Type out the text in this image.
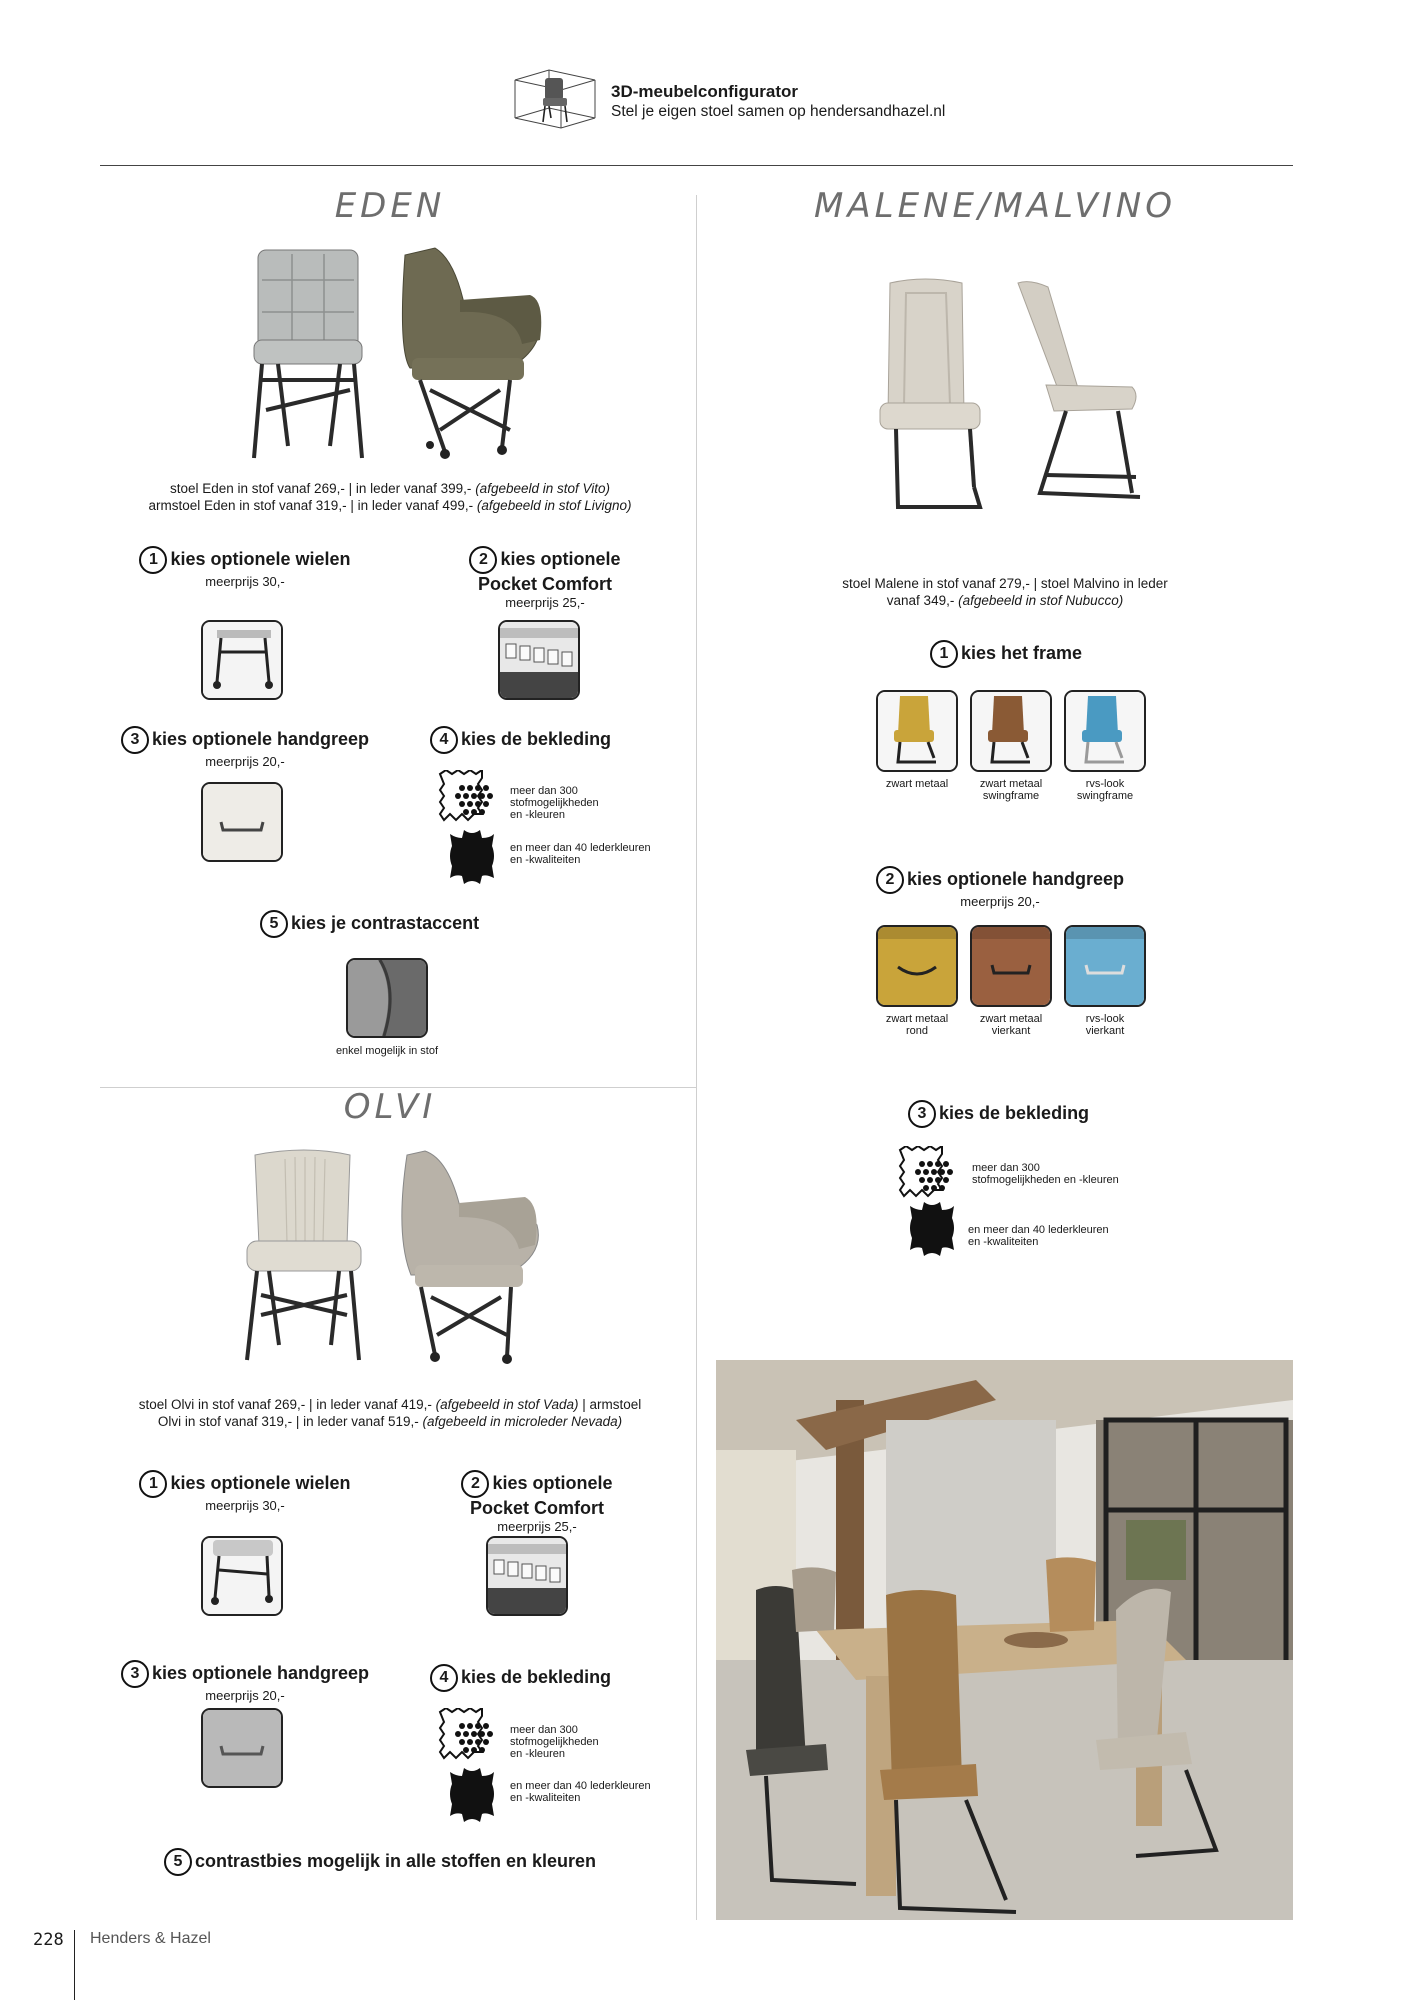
3D-meubelconfigurator
Stel je eigen stoel samen op hendersandhazel.nl
EDEN
stoel Eden in stof vanaf 269,- | in leder vanaf 399,- (afgebeeld in stof Vito)
armstoel Eden in stof vanaf 319,- | in leder vanaf 499,- (afgebeeld in stof Livigno)
1 kies optionele wielen
meerprijs 30,-
2 kies optionele
Pocket Comfort
meerprijs 25,-
3 kies optionele handgreep
meerprijs 20,-
4 kies de bekleding
meer dan 300
stofmogelijkheden
en -kleuren
en meer dan 40 lederkleuren
en -kwaliteiten
5 kies je contrastaccent
enkel mogelijk in stof
OLVI
stoel Olvi in stof vanaf 269,- | in leder vanaf 419,- (afgebeeld in stof Vada) | armstoel
Olvi in stof vanaf 319,- | in leder vanaf 519,- (afgebeeld in microleder Nevada)
1 kies optionele wielen
meerprijs 30,-
2 kies optionele
Pocket Comfort
meerprijs 25,-
3 kies optionele handgreep
meerprijs 20,-
4 kies de bekleding
meer dan 300
stofmogelijkheden
en -kleuren
en meer dan 40 lederkleuren
en -kwaliteiten
5 contrastbies mogelijk in alle stoffen en kleuren
MALENE/MALVINO
stoel Malene in stof vanaf 279,- | stoel Malvino in leder
vanaf 349,- (afgebeeld in stof Nubucco)
1 kies het frame
zwart metaal	zwart metaal
swingframe
rvs-look
swingframe
2 kies optionele handgreep
meerprijs 20,-
zwart metaal
rond
zwart metaal
vierkant
rvs-look
vierkant
3 kies de bekleding
meer dan 300
stofmogelijkheden en -kleuren
en meer dan 40 lederkleuren
en -kwaliteiten
228 Henders & Hazel
